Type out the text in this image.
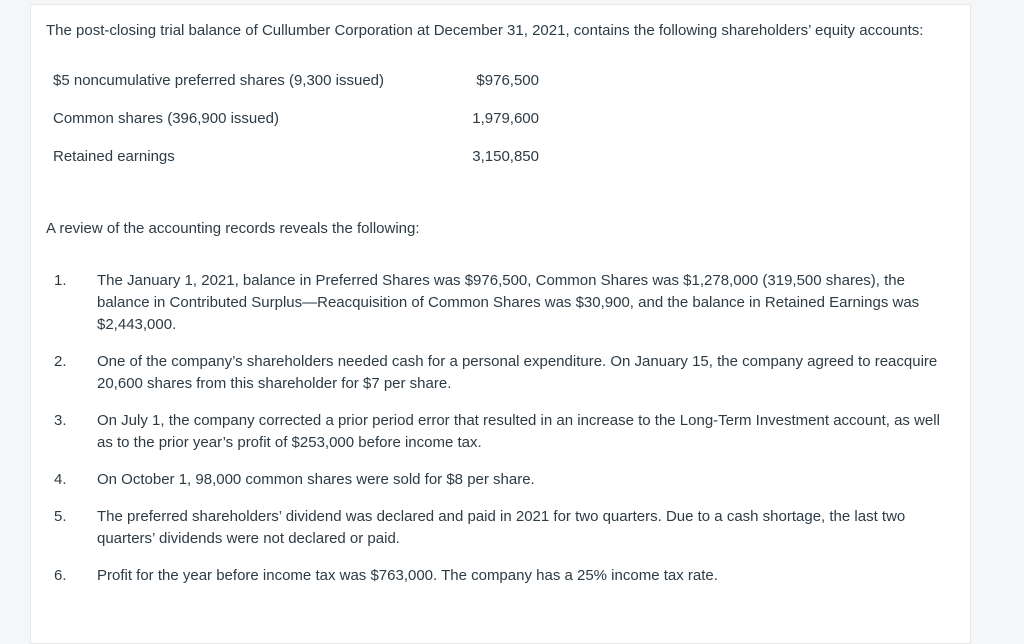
The post-closing trial balance of Cullumber Corporation at December 31, 2021, contains the following shareholders’ equity accounts:
$5 noncumulative preferred shares (9,300 issued)	$976,500
Common shares (396,900 issued)	1,979,600
Retained earnings	3,150,850
A review of the accounting records reveals the following:
1. The January 1, 2021, balance in Preferred Shares was $976,500, Common Shares was $1,278,000 (319,500 shares), the balance in Contributed Surplus—Reacquisition of Common Shares was $30,900, and the balance in Retained Earnings was $2,443,000.
2. One of the company’s shareholders needed cash for a personal expenditure. On January 15, the company agreed to reacquire 20,600 shares from this shareholder for $7 per share.
3. On July 1, the company corrected a prior period error that resulted in an increase to the Long-Term Investment account, as well as to the prior year’s profit of $253,000 before income tax.
4. On October 1, 98,000 common shares were sold for $8 per share.
5. The preferred shareholders’ dividend was declared and paid in 2021 for two quarters. Due to a cash shortage, the last two quarters’ dividends were not declared or paid.
6. Profit for the year before income tax was $763,000. The company has a 25% income tax rate.
